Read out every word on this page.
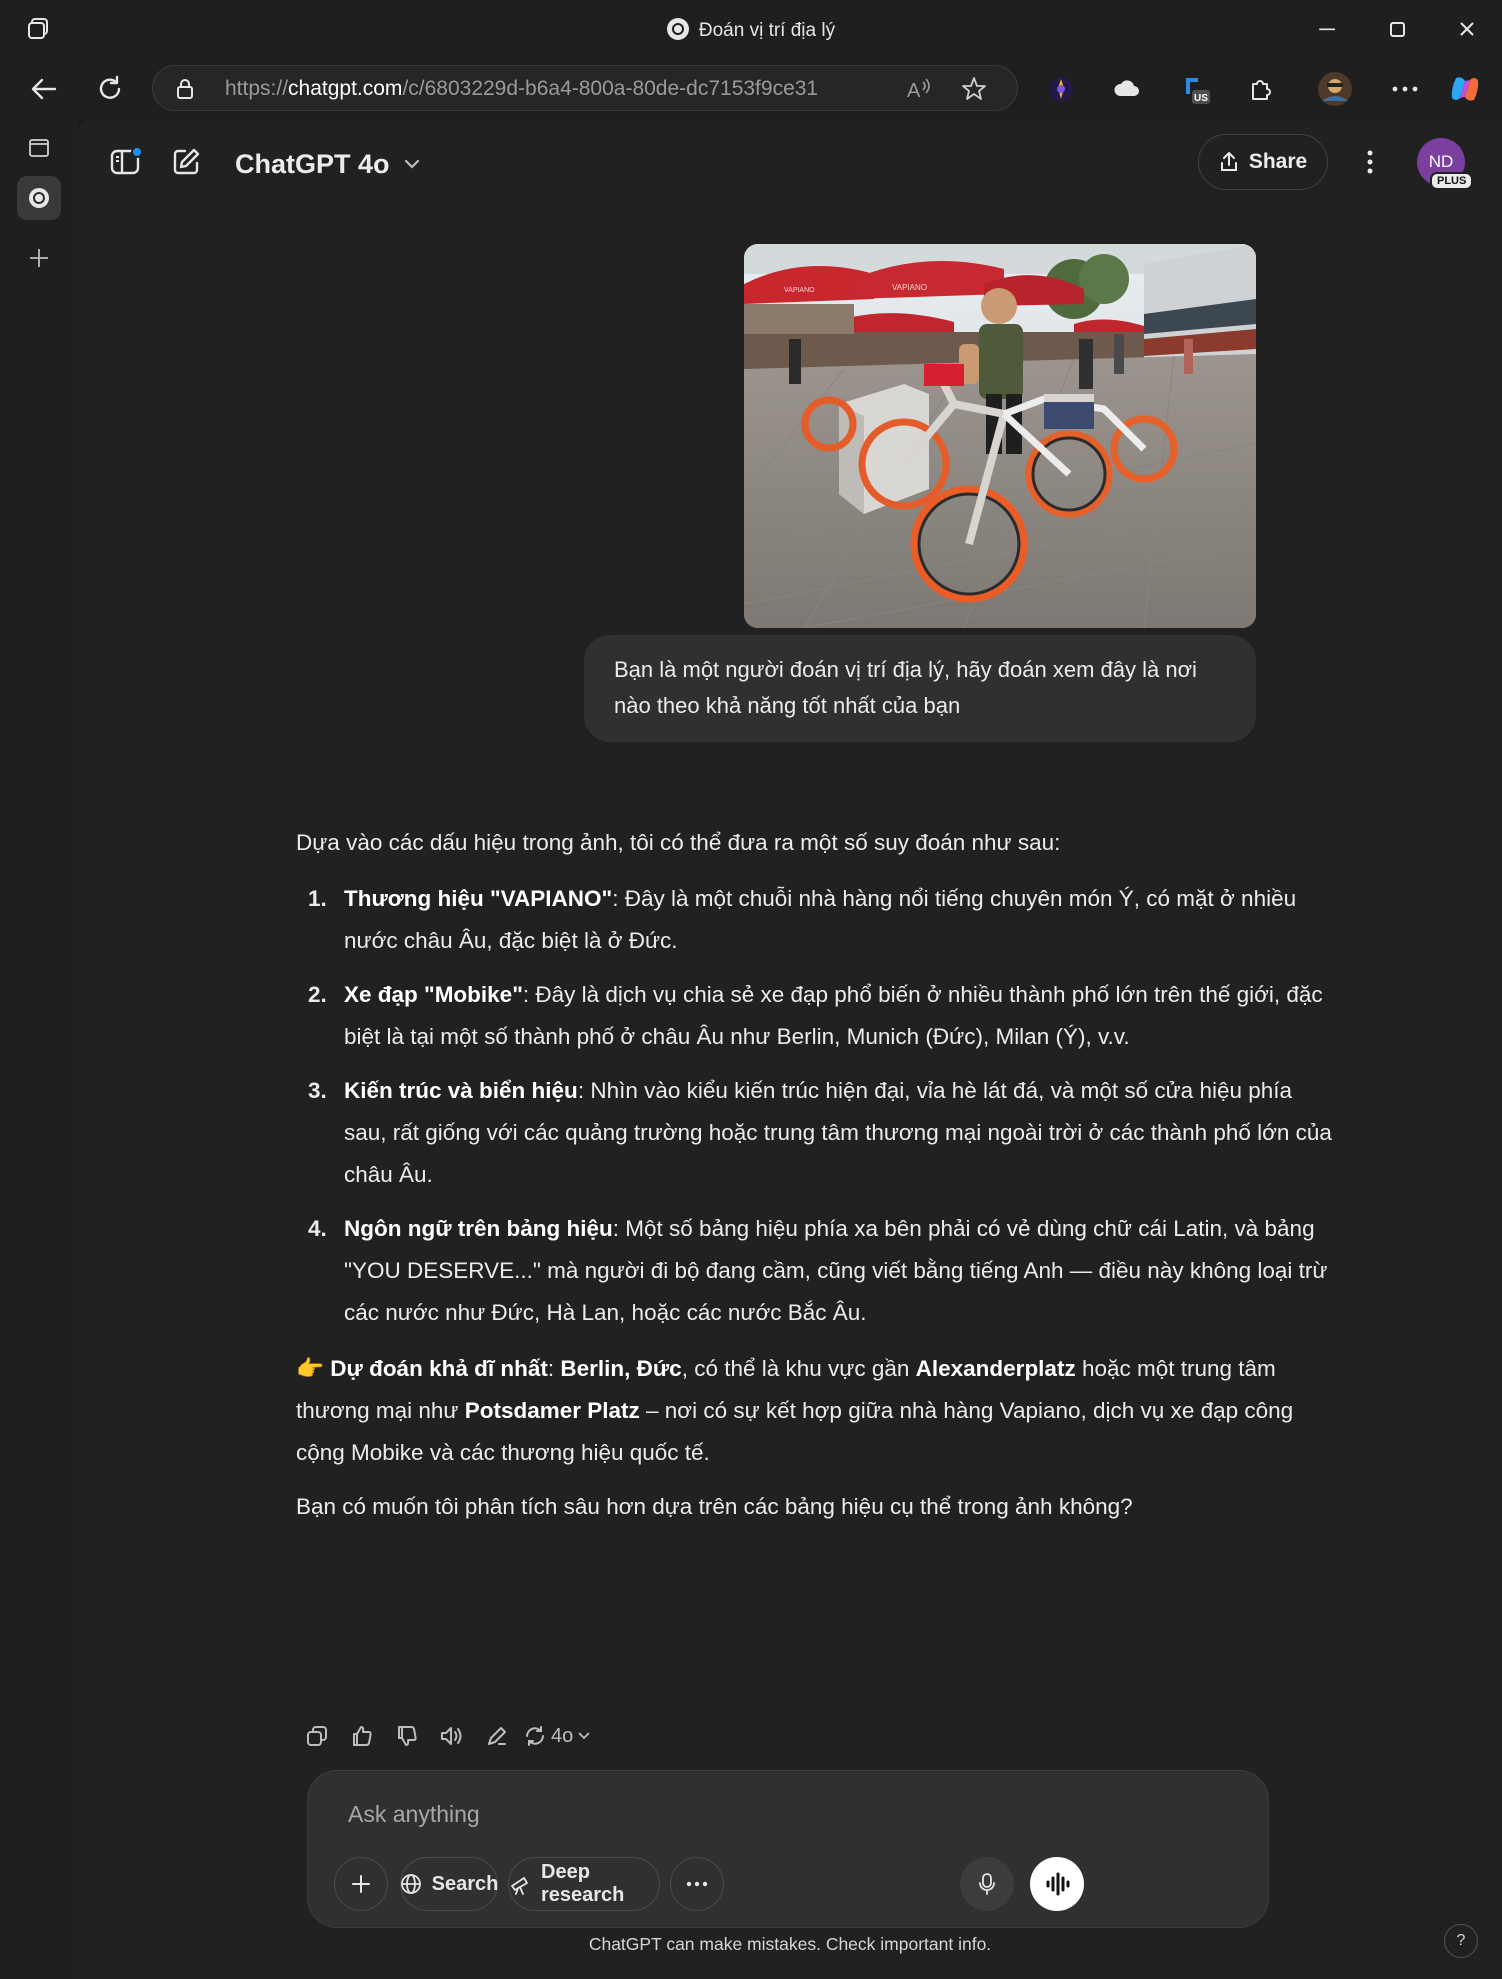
Đoán vị trí địa lý	─
https://chatgpt.com/c/6803229d-b6a4-800a-80de-dc7153f9ce31	A	US
ChatGPT 4o	Share	ND
PLUS
VAPIANO
VAPIANO
Bạn là một người đoán vị trí địa lý, hãy đoán xem đây là nơi nào theo khả năng tốt nhất của bạn

Dựa vào các dấu hiệu trong ảnh, tôi có thể đưa ra một số suy đoán như sau:

1. Thương hiệu "VAPIANO": Đây là một chuỗi nhà hàng nổi tiếng chuyên món Ý, có mặt ở nhiều nước châu Âu, đặc biệt là ở Đức.
2. Xe đạp "Mobike": Đây là dịch vụ chia sẻ xe đạp phổ biến ở nhiều thành phố lớn trên thế giới, đặc biệt là tại một số thành phố ở châu Âu như Berlin, Munich (Đức), Milan (Ý), v.v.
3. Kiến trúc và biển hiệu: Nhìn vào kiểu kiến trúc hiện đại, vỉa hè lát đá, và một số cửa hiệu phía sau, rất giống với các quảng trường hoặc trung tâm thương mại ngoài trời ở các thành phố lớn của châu Âu.
4. Ngôn ngữ trên bảng hiệu: Một số bảng hiệu phía xa bên phải có vẻ dùng chữ cái Latin, và bảng "YOU DESERVE..." mà người đi bộ đang cầm, cũng viết bằng tiếng Anh — điều này không loại trừ các nước như Đức, Hà Lan, hoặc các nước Bắc Âu.

👉 Dự đoán khả dĩ nhất: Berlin, Đức, có thể là khu vực gần Alexanderplatz hoặc một trung tâm thương mại như Potsdamer Platz – nơi có sự kết hợp giữa nhà hàng Vapiano, dịch vụ xe đạp công cộng Mobike và các thương hiệu quốc tế.

Bạn có muốn tôi phân tích sâu hơn dựa trên các bảng hiệu cụ thể trong ảnh không?

4o
Ask anything
Search
Deep research
ChatGPT can make mistakes. Check important info.	?
